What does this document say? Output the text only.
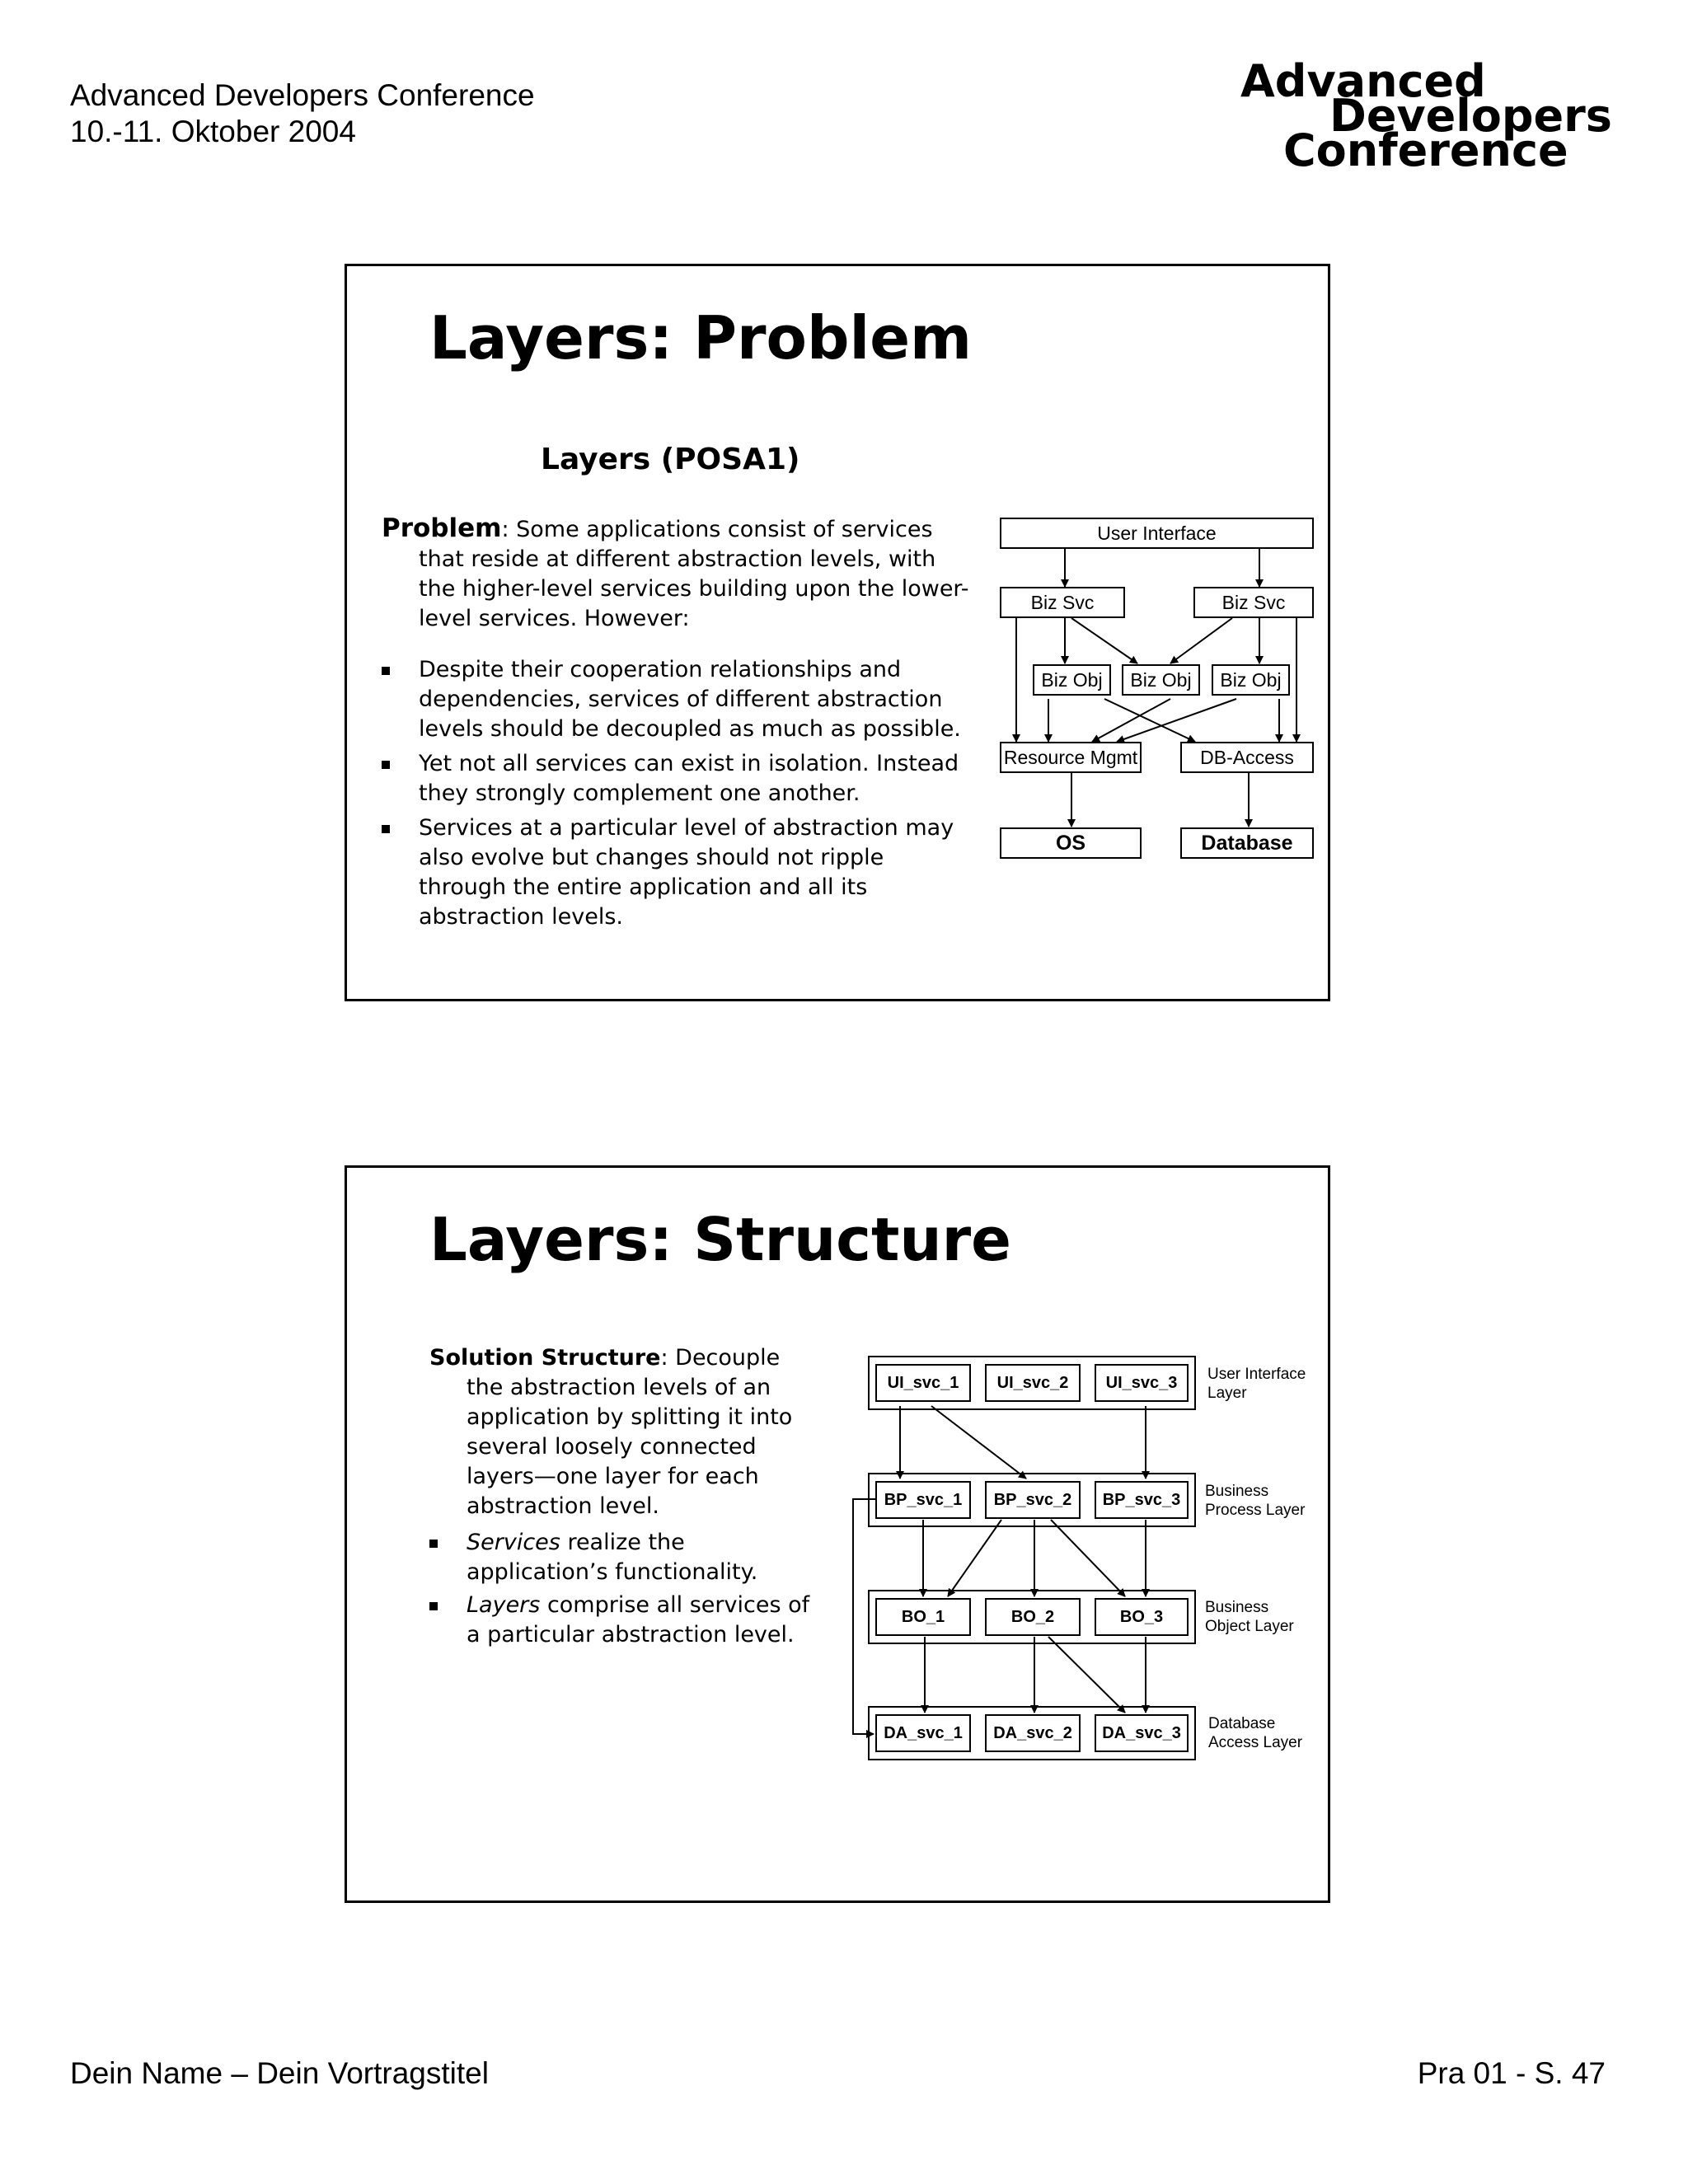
Advanced Developers Conference
10.-11. Oktober 2004
Advanced
Developers
Conference
Layers: Problem
Layers (POSA1)

Problem: Some applications consist of services that reside at different abstraction levels, with the higher-level services building upon the lower-level services. However:

Despite their cooperation relationships and dependencies, services of different abstraction levels should be decoupled as much as possible.
Yet not all services can exist in isolation. Instead they strongly complement one another.
Services at a particular level of abstraction may also evolve but changes should not ripple through the entire application and all its abstraction levels.
User Interface
Biz Svc	Biz Svc
Biz Obj	Biz Obj	Biz Obj
Resource Mgmt	DB-Access
OS	Database
Layers: Structure

Solution Structure: Decouple the abstraction levels of an application by splitting it into several loosely connected layers—one layer for each abstraction level.

Services realize the application’s functionality.
Layers comprise all services of a particular abstraction level.
UI_svc_1	UI_svc_2	UI_svc_3
BP_svc_1	BP_svc_2	BP_svc_3
BO_1	BO_2	BO_3
DA_svc_1	DA_svc_2	DA_svc_3
User Interface
Layer
Business
Process Layer
Business
Object Layer
Database
Access Layer
Dein Name – Dein Vortragstitel	Pra 01 - S. 47
